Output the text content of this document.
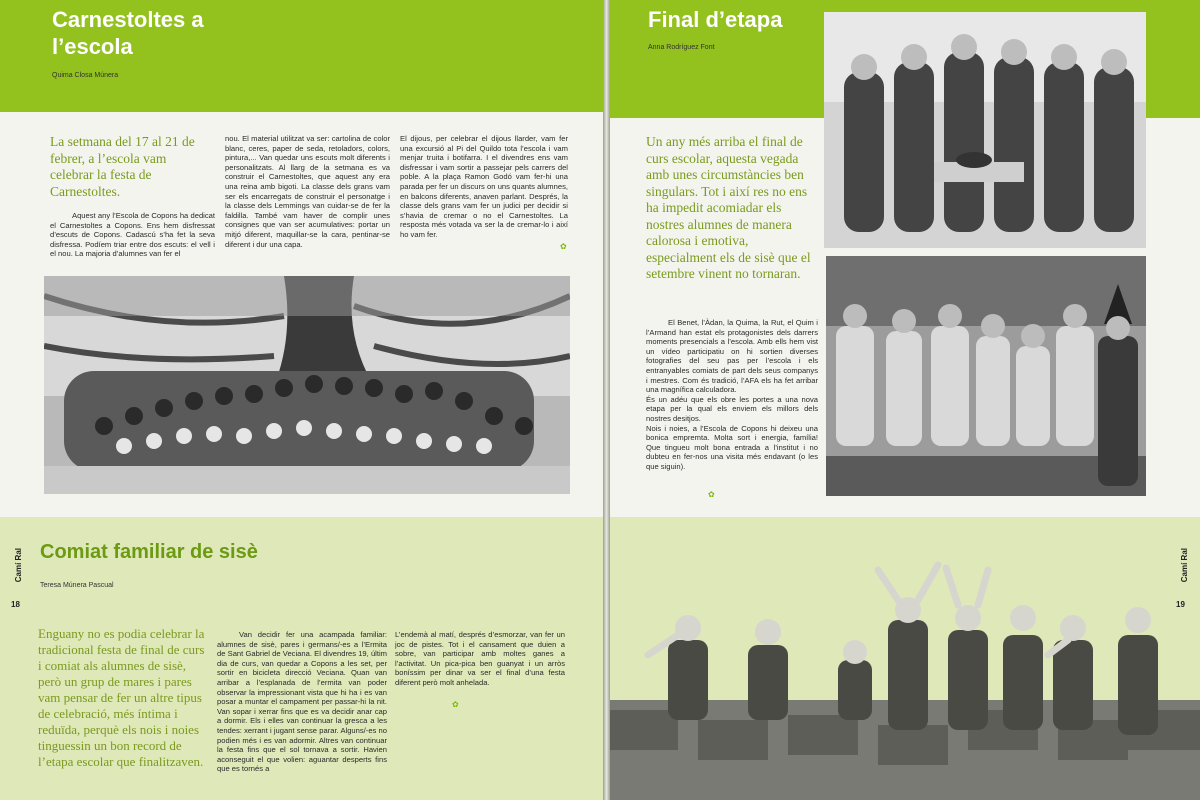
Carnestoltes a
l’escola
Quima Closa Múnera
La setmana del 17 al 21 de febrer, a l’escola vam celebrar la festa de Carnestoltes.
Aquest any l’Escola de Copons ha dedicat el Carnestoltes a Copons. Ens hem disfressat d’escuts de Copons. Cadascú s’ha fet la seva disfressa. Podíem triar entre dos escuts: el vell i el nou. La majoria d’alumnes van fer el
nou. El material utilitzat va ser: cartolina de color blanc, ceres, paper de seda, retoladors, colors, pintura,... Van quedar uns escuts molt diferents i personalitzats. Al llarg de la setmana es va construir el Carnestoltes, que aquest any era una reina amb bigoti. La classe dels grans vam ser els encarregats de construir el personatge i la classe dels Lemmings van cuidar-se de fer la faldilla. També vam haver de complir unes consignes que van ser acumulatives: portar un mitjó diferent, maquillar-se la cara, pentinar-se diferent i dur una capa.
El dijous, per celebrar el dijous llarder, vam fer una excursió al Pi del Quildo tota l’escola i vam menjar truita i botifarra. I el divendres ens vam disfressar i vam sortir a passejar pels carrers del poble. A la plaça Ramon Godó vam fer-hi una parada per fer un discurs on uns quants alumnes, en balcons diferents, anaven parlant. Després, la classe dels grans vam fer un judici per decidir si s’havia de cremar o no el Carnestoltes. La resposta més votada va ser la de cremar-lo i així ho vam fer.
✿
Camí Ral
18
Comiat familiar de sisè
Teresa Múnera Pascual
Enguany no es podia celebrar la tradicional festa de final de curs i comiat als alumnes de sisè, però un grup de mares i pares vam pensar de fer un altre tipus de celebració, més íntima i reduïda, perquè els nois i noies tinguessin un bon record de l’etapa escolar que finalitzaven.
Van decidir fer una acampada familiar: alumnes de sisè, pares i germans/-es a l’Ermita de Sant Gabriel de Veciana. El divendres 19, últim dia de curs, van quedar a Copons a les set, per sortir en bicicleta direcció Veciana. Quan van arribar a l’esplanada de l’ermita van poder observar la impressionant vista que hi ha i es van posar a muntar el campament per passar-hi la nit. Van sopar i xerrar fins que es va decidir anar cap a dormir. Els i elles van continuar la gresca a les tendes: xerrant i jugant sense parar. Alguns/-es no podien més i es van adormir. Altres van continuar la festa fins que el sol tornava a sortir. Havien aconseguit el que volien: aguantar desperts fins que es tornés a
L’endemà al matí, després d’esmorzar, van fer un joc de pistes. Tot i el cansament que duien a sobre, van participar amb moltes ganes a l’activitat. Un pica-pica ben guanyat i un arròs boníssim per dinar va ser el final d’una festa diferent però molt anhelada.
✿
Final d’etapa
Anna Rodríguez Font
Un any més arriba el final de curs escolar, aquesta vegada amb unes circumstàncies ben singulars. Tot i així res no ens ha impedit acomiadar els nostres alumnes de manera calorosa i emotiva, especialment els de sisè que el setembre vinent no tornaran.
El Benet, l’Àdan, la Quima, la Rut, el Quim i l’Armand han estat els protagonistes dels darrers moments presencials a l’escola. Amb ells hem vist un vídeo participatiu on hi sortien diverses fotografies del seu pas per l’escola i els entranyables comiats de part dels seus companys i mestres. Com és tradició, l’AFA els ha fet arribar una magnífica calculadora.
És un adéu que els obre les portes a una nova etapa per la qual els enviem els millors dels nostres desitjos.
Nois i noies, a l’Escola de Copons hi deixeu una bonica empremta. Molta sort i energia, família! Que tingueu molt bona entrada a l’institut i no dubteu en fer-nos una visita més endavant (o les que siguin).
✿
Camí Ral
19
